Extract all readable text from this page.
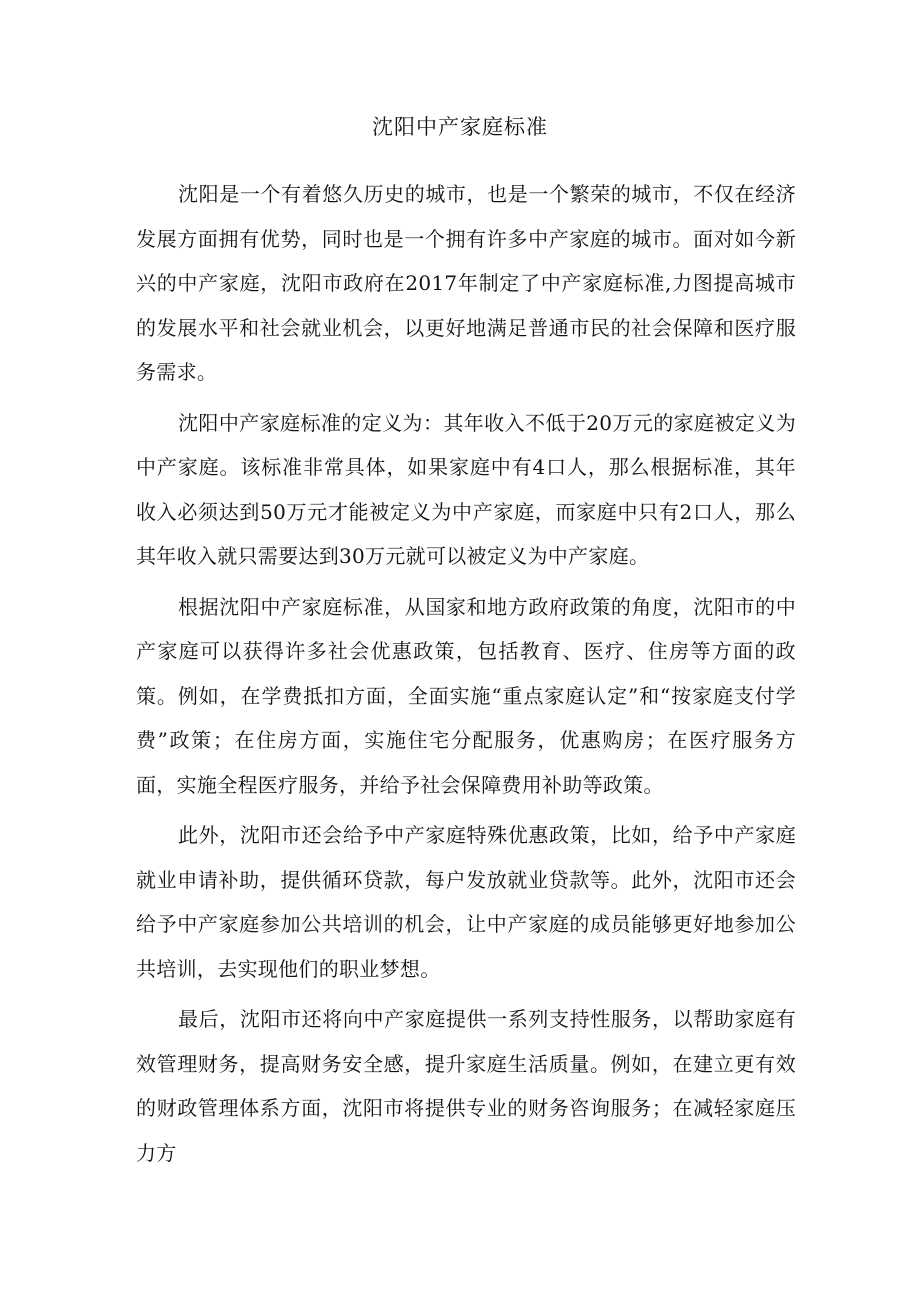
沈阳中产家庭标准

沈阳是一个有着悠久历史的城市，也是一个繁荣的城市，不仅在经济发展方面拥有优势，同时也是一个拥有许多中产家庭的城市。面对如今新兴的中产家庭，沈阳市政府在2017年制定了中产家庭标准,力图提高城市的发展水平和社会就业机会，以更好地满足普通市民的社会保障和医疗服务需求。

沈阳中产家庭标准的定义为：其年收入不低于20万元的家庭被定义为中产家庭。该标准非常具体，如果家庭中有4口人，那么根据标准，其年收入必须达到50万元才能被定义为中产家庭，而家庭中只有2口人，那么其年收入就只需要达到30万元就可以被定义为中产家庭。

根据沈阳中产家庭标准，从国家和地方政府政策的角度，沈阳市的中产家庭可以获得许多社会优惠政策，包括教育、医疗、住房等方面的政策。例如，在学费抵扣方面，全面实施“重点家庭认定”和“按家庭支付学费”政策；在住房方面，实施住宅分配服务，优惠购房；在医疗服务方面，实施全程医疗服务，并给予社会保障费用补助等政策。

此外，沈阳市还会给予中产家庭特殊优惠政策，比如，给予中产家庭就业申请补助，提供循环贷款，每户发放就业贷款等。此外，沈阳市还会给予中产家庭参加公共培训的机会，让中产家庭的成员能够更好地参加公共培训，去实现他们的职业梦想。

最后，沈阳市还将向中产家庭提供一系列支持性服务，以帮助家庭有效管理财务，提高财务安全感，提升家庭生活质量。例如，在建立更有效的财政管理体系方面，沈阳市将提供专业的财务咨询服务；在减轻家庭压力方
